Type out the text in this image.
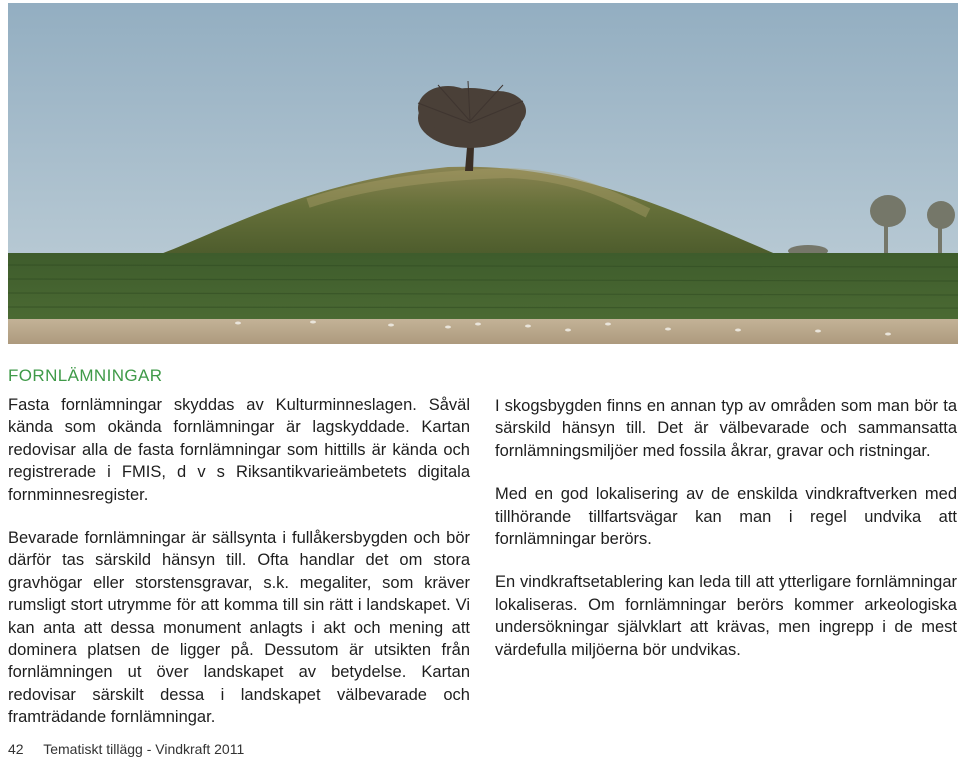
FORNLÄMNINGAR

Fasta fornlämningar skyddas av Kulturminneslagen. Såväl kända som okända fornlämningar är lagskyddade. Kartan redovisar alla de fasta fornlämningar som hittills är kända och registrerade i FMIS, d v s Riksantikvarieämbetets digitala fornminnesregister.

Bevarade fornlämningar är sällsynta i fullåkersbygden och bör därför tas särskild hänsyn till. Ofta handlar det om stora gravhögar eller storstensgravar, s.k. megaliter, som kräver rumsligt stort utrymme för att komma till sin rätt i landskapet. Vi kan anta att dessa monument anlagts i akt och mening att dominera platsen de ligger på. Dessutom är utsikten från fornlämningen ut över landskapet av betydelse. Kartan redovisar särskilt dessa i landskapet välbevarade och framträdande fornlämningar.

I skogsbygden finns en annan typ av områden som man bör ta särskild hänsyn till. Det är välbevarade och sammansatta fornlämningsmiljöer med fossila åkrar, gravar och ristningar.

Med en god lokalisering av de enskilda vindkraftverken med tillhörande tillfartsvägar kan man i regel undvika att fornlämningar berörs.

En vindkraftsetablering kan leda till att ytterligare fornlämningar lokaliseras. Om fornlämningar berörs kommer arkeologiska undersökningar självklart att krävas, men ingrepp i de mest värdefulla miljöerna bör undvikas.

42 Tematiskt tillägg - Vindkraft 2011
